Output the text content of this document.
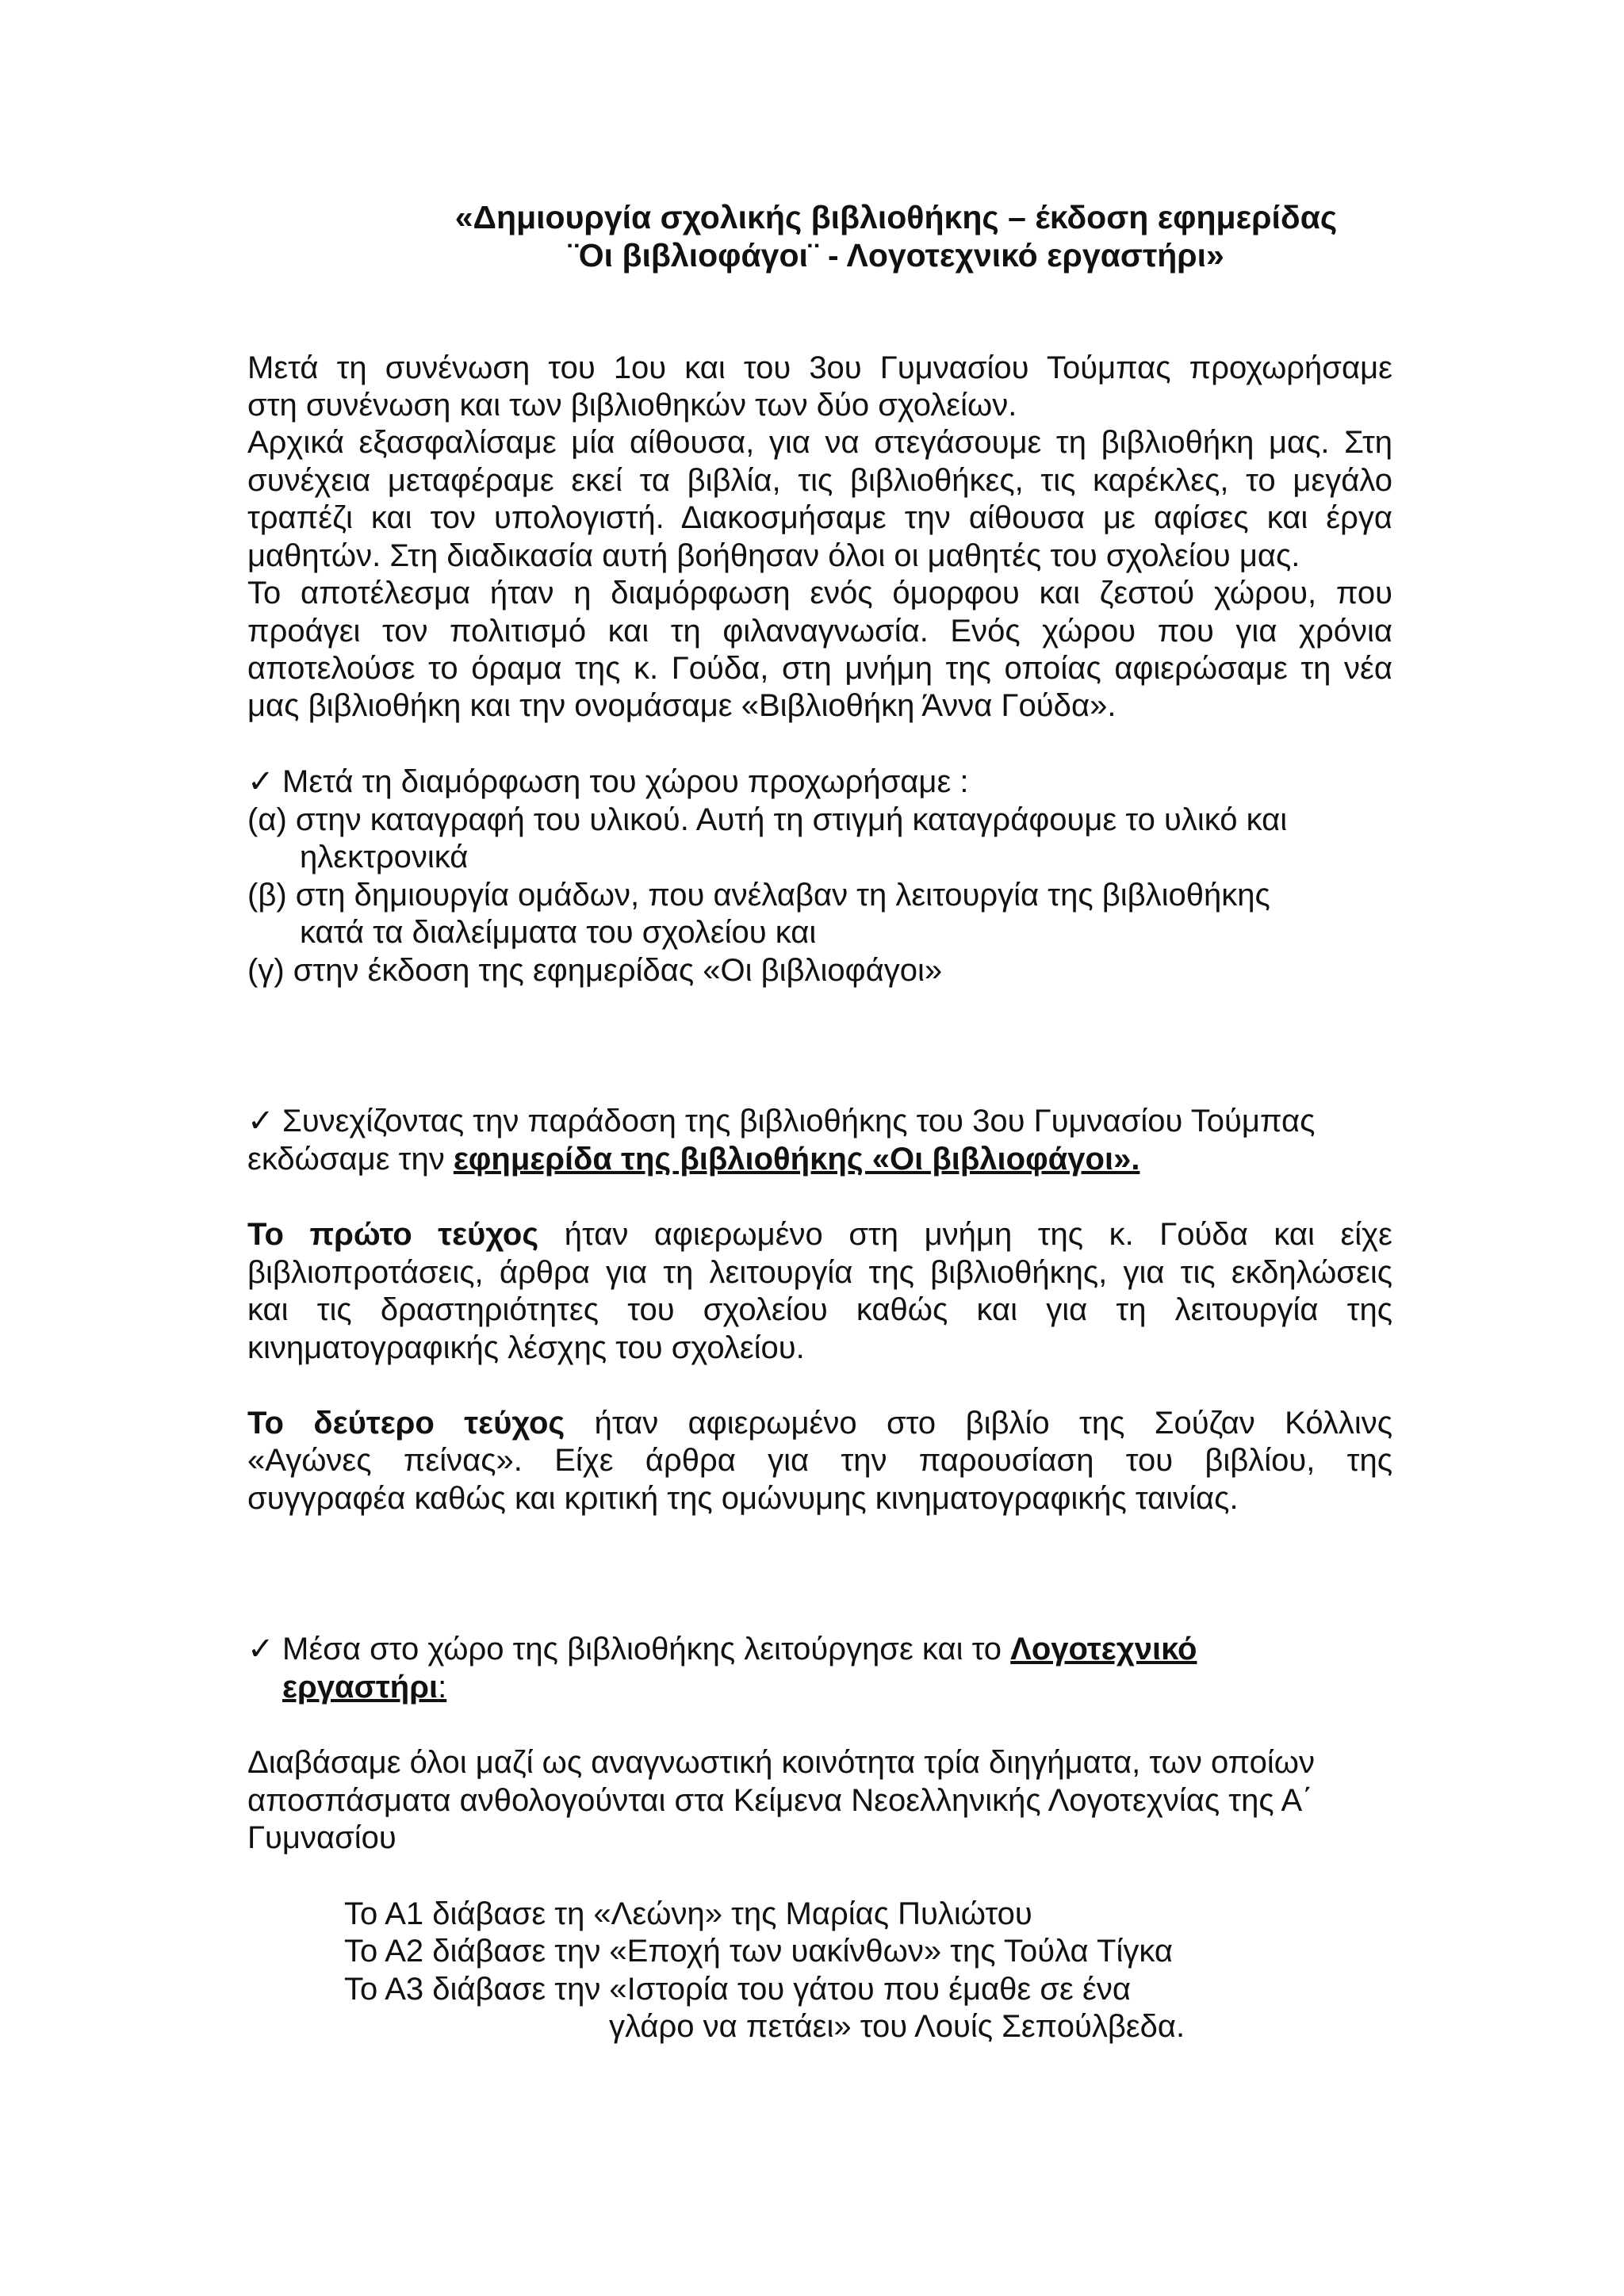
«Δημιουργία σχολικής βιβλιοθήκης – έκδοση εφημερίδας
¨Οι βιβλιοφάγοι¨ - Λογοτεχνικό εργαστήρι»
Μετά τη συνένωση του 1ου και του 3ου Γυμνασίου Τούμπας προχωρήσαμε
στη συνένωση και των βιβλιοθηκών των δύο σχολείων.
Αρχικά εξασφαλίσαμε μία αίθουσα, για να στεγάσουμε τη βιβλιοθήκη μας. Στη
συνέχεια μεταφέραμε εκεί τα βιβλία, τις βιβλιοθήκες, τις καρέκλες, το μεγάλο
τραπέζι και τον υπολογιστή. Διακοσμήσαμε την αίθουσα με αφίσες και έργα
μαθητών. Στη διαδικασία αυτή βοήθησαν όλοι οι μαθητές του σχολείου μας.
Το αποτέλεσμα ήταν η διαμόρφωση ενός όμορφου και ζεστού χώρου, που
προάγει τον πολιτισμό και τη φιλαναγνωσία. Ενός χώρου που για χρόνια
αποτελούσε το όραμα της κ. Γούδα, στη μνήμη της οποίας αφιερώσαμε τη νέα
μας βιβλιοθήκη και την ονομάσαμε «Βιβλιοθήκη Άννα Γούδα».
✓ Μετά τη διαμόρφωση του χώρου προχωρήσαμε :
(α) στην καταγραφή του υλικού. Αυτή τη στιγμή καταγράφουμε το υλικό και
ηλεκτρονικά
(β) στη δημιουργία ομάδων, που ανέλαβαν τη λειτουργία της βιβλιοθήκης
κατά τα διαλείμματα του σχολείου και
(γ) στην έκδοση της εφημερίδας «Οι βιβλιοφάγοι»
✓ Συνεχίζοντας την παράδοση της βιβλιοθήκης του 3ου Γυμνασίου Τούμπας
εκδώσαμε την εφημερίδα της βιβλιοθήκης «Οι βιβλιοφάγοι».
Το πρώτο τεύχος ήταν αφιερωμένο στη μνήμη της κ. Γούδα και είχε
βιβλιοπροτάσεις, άρθρα για τη λειτουργία της βιβλιοθήκης, για τις εκδηλώσεις
και τις δραστηριότητες του σχολείου καθώς και για τη λειτουργία της
κινηματογραφικής λέσχης του σχολείου.
Το δεύτερο τεύχος ήταν αφιερωμένο στο βιβλίο της Σούζαν Κόλλινς
«Αγώνες πείνας». Είχε άρθρα για την παρουσίαση του βιβλίου, της
συγγραφέα καθώς και κριτική της ομώνυμης κινηματογραφικής ταινίας.
✓ Μέσα στο χώρο της βιβλιοθήκης λειτούργησε και το Λογοτεχνικό
εργαστήρι:
Διαβάσαμε όλοι μαζί ως αναγνωστική κοινότητα τρία διηγήματα, των οποίων
αποσπάσματα ανθολογούνται στα Κείμενα Νεοελληνικής Λογοτεχνίας της Α΄
Γυμνασίου
Το Α1 διάβασε τη «Λεώνη» της Μαρίας Πυλιώτου
Το Α2 διάβασε την «Εποχή των υακίνθων» της Τούλα Τίγκα
Το Α3 διάβασε την «Ιστορία του γάτου που έμαθε σε ένα
γλάρο να πετάει» του Λουίς Σεπούλβεδα.
